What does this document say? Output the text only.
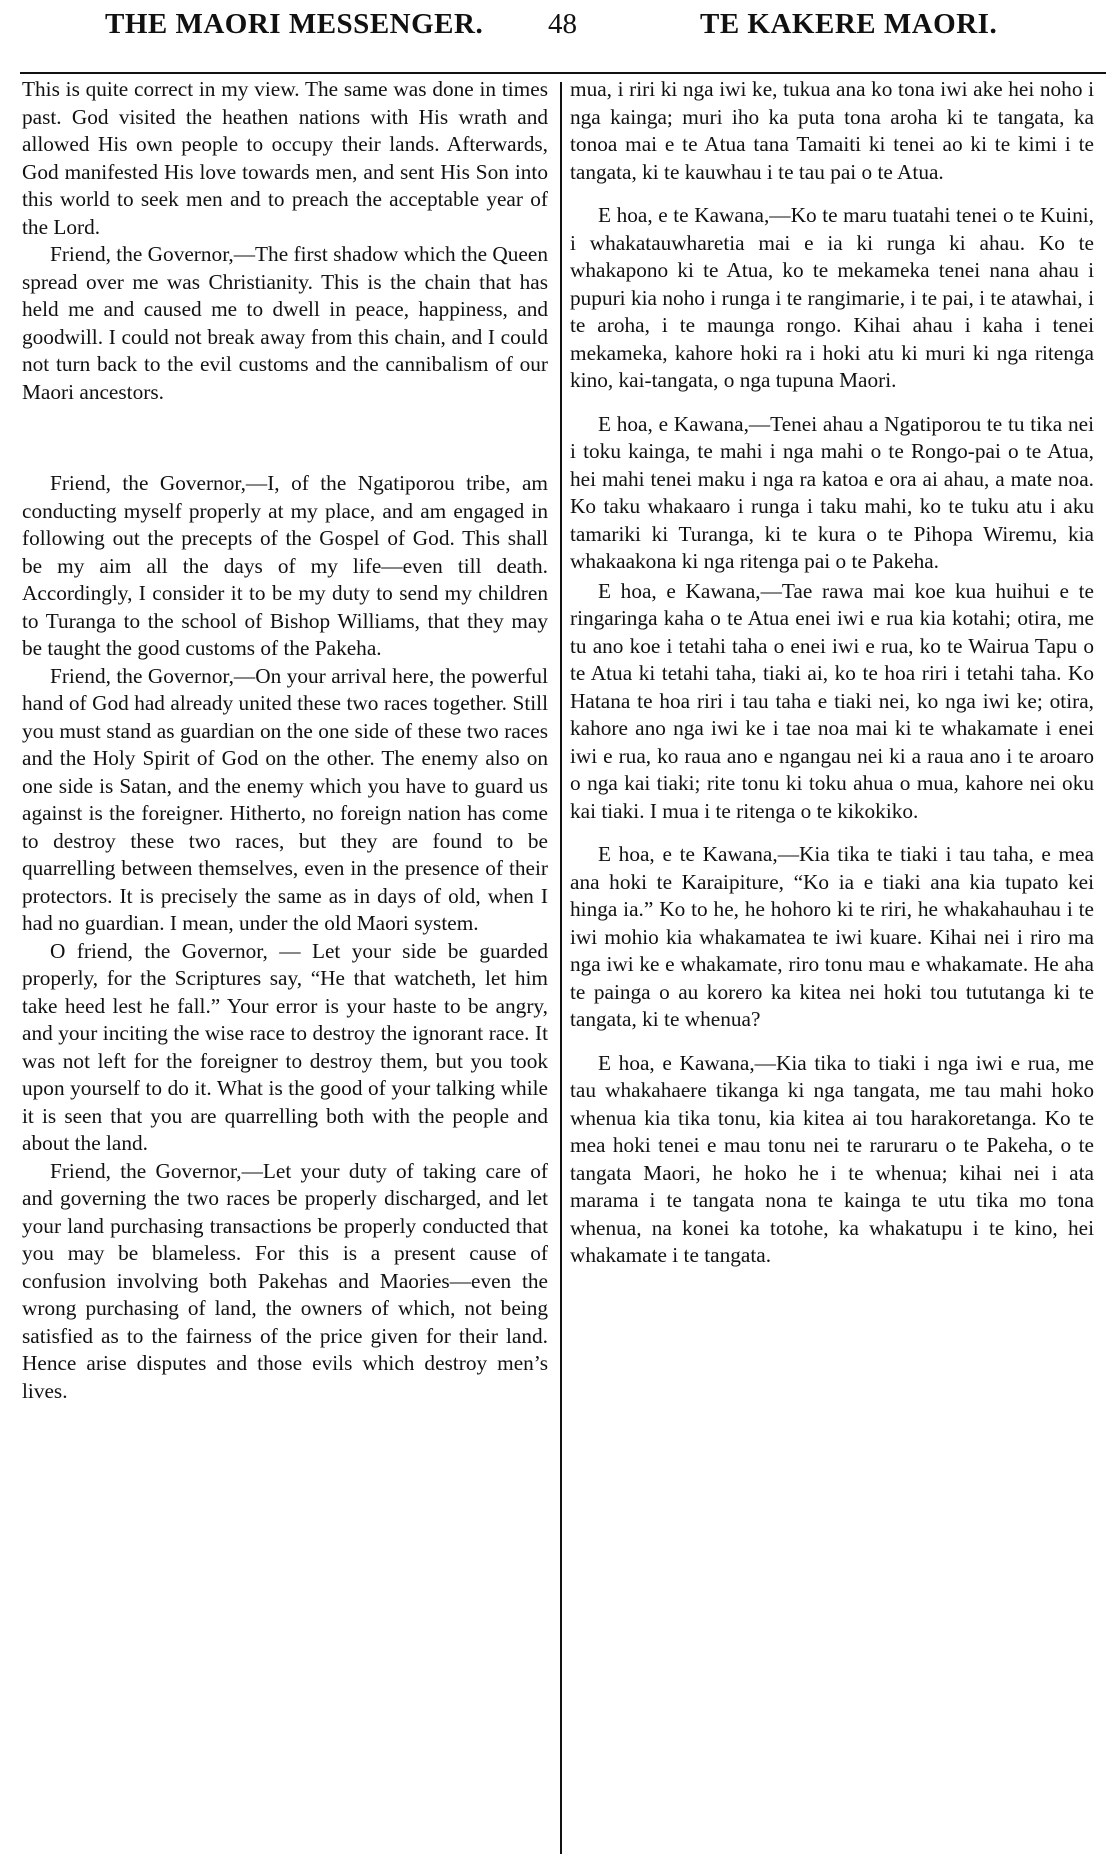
THE MAORI MESSENGER. 48	TE KAKERE MAORI.

This is quite correct in my view. The same was done in times past. God visited the heathen nations with His wrath and allowed His own people to occupy their lands. Afterwards, God manifested His love towards men, and sent His Son into this world to seek men and to preach the acceptable year of the Lord.

Friend, the Governor,—The first shadow which the Queen spread over me was Christianity. This is the chain that has held me and caused me to dwell in peace, happiness, and goodwill. I could not break away from this chain, and I could not turn back to the evil customs and the cannibalism of our Maori ancestors.

Friend, the Governor,—I, of the Ngatiporou tribe, am conducting myself properly at my place, and am engaged in following out the precepts of the Gospel of God. This shall be my aim all the days of my life—even till death. Accordingly, I consider it to be my duty to send my children to Turanga to the school of Bishop Williams, that they may be taught the good customs of the Pakeha.

Friend, the Governor,—On your arrival here, the powerful hand of God had already united these two races together. Still you must stand as guardian on the one side of these two races and the Holy Spirit of God on the other. The enemy also on one side is Satan, and the enemy which you have to guard us against is the foreigner. Hitherto, no foreign nation has come to destroy these two races, but they are found to be quarrelling between themselves, even in the presence of their protectors. It is precisely the same as in days of old, when I had no guardian. I mean, under the old Maori system.

O friend, the Governor, — Let your side be guarded properly, for the Scriptures say, “He that watcheth, let him take heed lest he fall.” Your error is your haste to be angry, and your inciting the wise race to destroy the ignorant race. It was not left for the foreigner to destroy them, but you took upon yourself to do it. What is the good of your talking while it is seen that you are quarrelling both with the people and about the land.

Friend, the Governor,—Let your duty of taking care of and governing the two races be properly discharged, and let your land purchasing transactions be properly conducted that you may be blameless. For this is a present cause of confusion involving both Pakehas and Maories—even the wrong purchasing of land, the owners of which, not being satisfied as to the fairness of the price given for their land. Hence arise disputes and those evils which destroy men’s lives.

mua, i riri ki nga iwi ke, tukua ana ko tona iwi ake hei noho i nga kainga; muri iho ka puta tona aroha ki te tangata, ka tonoa mai e te Atua tana Tamaiti ki tenei ao ki te kimi i te tangata, ki te kauwhau i te tau pai o te Atua.

E hoa, e te Kawana,—Ko te maru tuatahi tenei o te Kuini, i whakatauwharetia mai e ia ki runga ki ahau. Ko te whakapono ki te Atua, ko te mekameka tenei nana ahau i pupuri kia noho i runga i te rangimarie, i te pai, i te atawhai, i te aroha, i te maunga rongo. Kihai ahau i kaha i tenei mekameka, kahore hoki ra i hoki atu ki muri ki nga ritenga kino, kai-tangata, o nga tupuna Maori.

E hoa, e Kawana,—Tenei ahau a Ngatiporou te tu tika nei i toku kainga, te mahi i nga mahi o te Rongo-pai o te Atua, hei mahi tenei maku i nga ra katoa e ora ai ahau, a mate noa. Ko taku whakaaro i runga i taku mahi, ko te tuku atu i aku tamariki ki Turanga, ki te kura o te Pihopa Wiremu, kia whakaakona ki nga ritenga pai o te Pakeha.

E hoa, e Kawana,—Tae rawa mai koe kua huihui e te ringaringa kaha o te Atua enei iwi e rua kia kotahi; otira, me tu ano koe i tetahi taha o enei iwi e rua, ko te Wairua Tapu o te Atua ki tetahi taha, tiaki ai, ko te hoa riri i tetahi taha. Ko Hatana te hoa riri i tau taha e tiaki nei, ko nga iwi ke; otira, kahore ano nga iwi ke i tae noa mai ki te whakamate i enei iwi e rua, ko raua ano e ngangau nei ki a raua ano i te aroaro o nga kai tiaki; rite tonu ki toku ahua o mua, kahore nei oku kai tiaki. I mua i te ritenga o te kikokiko.

E hoa, e te Kawana,—Kia tika te tiaki i tau taha, e mea ana hoki te Karaipiture, “Ko ia e tiaki ana kia tupato kei hinga ia.” Ko to he, he hohoro ki te riri, he whakahauhau i te iwi mohio kia whakamatea te iwi kuare. Kihai nei i riro ma nga iwi ke e whakamate, riro tonu mau e whakamate. He aha te painga o au korero ka kitea nei hoki tou tututanga ki te tangata, ki te whenua?

E hoa, e Kawana,—Kia tika to tiaki i nga iwi e rua, me tau whakahaere tikanga ki nga tangata, me tau mahi hoko whenua kia tika tonu, kia kitea ai tou harakoretanga. Ko te mea hoki tenei e mau tonu nei te raruraru o te Pakeha, o te tangata Maori, he hoko he i te whenua; kihai nei i ata marama i te tangata nona te kainga te utu tika mo tona whenua, na konei ka totohe, ka whakatupu i te kino, hei whakamate i te tangata.
